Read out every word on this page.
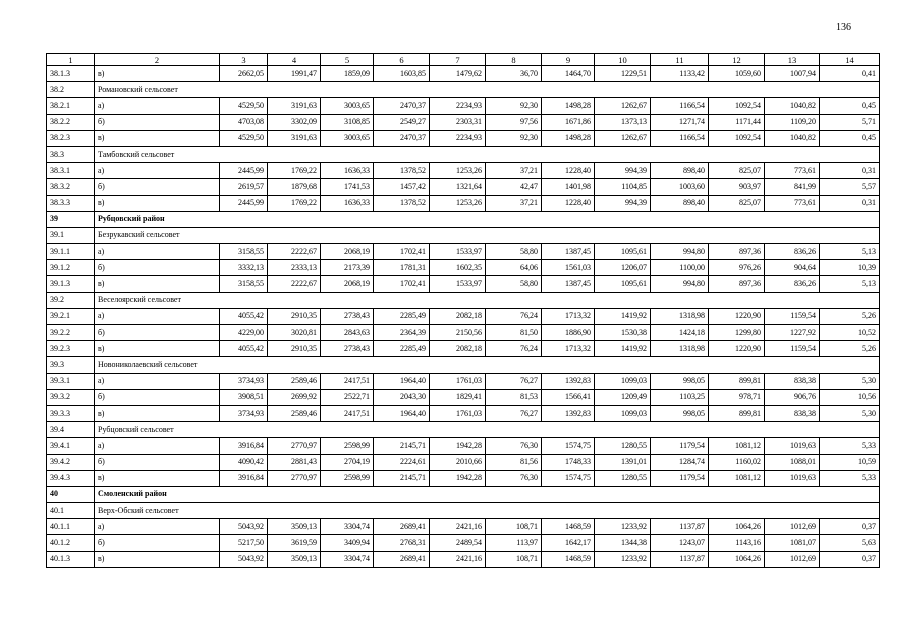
136
1	2	3	4	5	6	7	8	9	10	11	12	13	14
38.1.3	в)	2662,05	1991,47	1859,09	1603,85	1479,62	36,70	1464,70	1229,51	1133,42	1059,60	1007,94	0,41
38.2	Романовский сельсовет												
38.2.1	а)	4529,50	3191,63	3003,65	2470,37	2234,93	92,30	1498,28	1262,67	1166,54	1092,54	1040,82	0,45
38.2.2	б)	4703,08	3302,09	3108,85	2549,27	2303,31	97,56	1671,86	1373,13	1271,74	1171,44	1109,20	5,71
38.2.3	в)	4529,50	3191,63	3003,65	2470,37	2234,93	92,30	1498,28	1262,67	1166,54	1092,54	1040,82	0,45
38.3	Тамбовский сельсовет												
38.3.1	а)	2445,99	1769,22	1636,33	1378,52	1253,26	37,21	1228,40	994,39	898,40	825,07	773,61	0,31
38.3.2	б)	2619,57	1879,68	1741,53	1457,42	1321,64	42,47	1401,98	1104,85	1003,60	903,97	841,99	5,57
38.3.3	в)	2445,99	1769,22	1636,33	1378,52	1253,26	37,21	1228,40	994,39	898,40	825,07	773,61	0,31
39	Рубцовский район												
39.1	Безрукавский сельсовет												
39.1.1	а)	3158,55	2222,67	2068,19	1702,41	1533,97	58,80	1387,45	1095,61	994,80	897,36	836,26	5,13
39.1.2	б)	3332,13	2333,13	2173,39	1781,31	1602,35	64,06	1561,03	1206,07	1100,00	976,26	904,64	10,39
39.1.3	в)	3158,55	2222,67	2068,19	1702,41	1533,97	58,80	1387,45	1095,61	994,80	897,36	836,26	5,13
39.2	Веселоярский сельсовет												
39.2.1	а)	4055,42	2910,35	2738,43	2285,49	2082,18	76,24	1713,32	1419,92	1318,98	1220,90	1159,54	5,26
39.2.2	б)	4229,00	3020,81	2843,63	2364,39	2150,56	81,50	1886,90	1530,38	1424,18	1299,80	1227,92	10,52
39.2.3	в)	4055,42	2910,35	2738,43	2285,49	2082,18	76,24	1713,32	1419,92	1318,98	1220,90	1159,54	5,26
39.3	Новониколаевский сельсовет												
39.3.1	а)	3734,93	2589,46	2417,51	1964,40	1761,03	76,27	1392,83	1099,03	998,05	899,81	838,38	5,30
39.3.2	б)	3908,51	2699,92	2522,71	2043,30	1829,41	81,53	1566,41	1209,49	1103,25	978,71	906,76	10,56
39.3.3	в)	3734,93	2589,46	2417,51	1964,40	1761,03	76,27	1392,83	1099,03	998,05	899,81	838,38	5,30
39.4	Рубцовский сельсовет												
39.4.1	а)	3916,84	2770,97	2598,99	2145,71	1942,28	76,30	1574,75	1280,55	1179,54	1081,12	1019,63	5,33
39.4.2	б)	4090,42	2881,43	2704,19	2224,61	2010,66	81,56	1748,33	1391,01	1284,74	1160,02	1088,01	10,59
39.4.3	в)	3916,84	2770,97	2598,99	2145,71	1942,28	76,30	1574,75	1280,55	1179,54	1081,12	1019,63	5,33
40	Смоленский район												
40.1	Верх-Обский сельсовет												
40.1.1	а)	5043,92	3509,13	3304,74	2689,41	2421,16	108,71	1468,59	1233,92	1137,87	1064,26	1012,69	0,37
40.1.2	б)	5217,50	3619,59	3409,94	2768,31	2489,54	113,97	1642,17	1344,38	1243,07	1143,16	1081,07	5,63
40.1.3	в)	5043,92	3509,13	3304,74	2689,41	2421,16	108,71	1468,59	1233,92	1137,87	1064,26	1012,69	0,37
